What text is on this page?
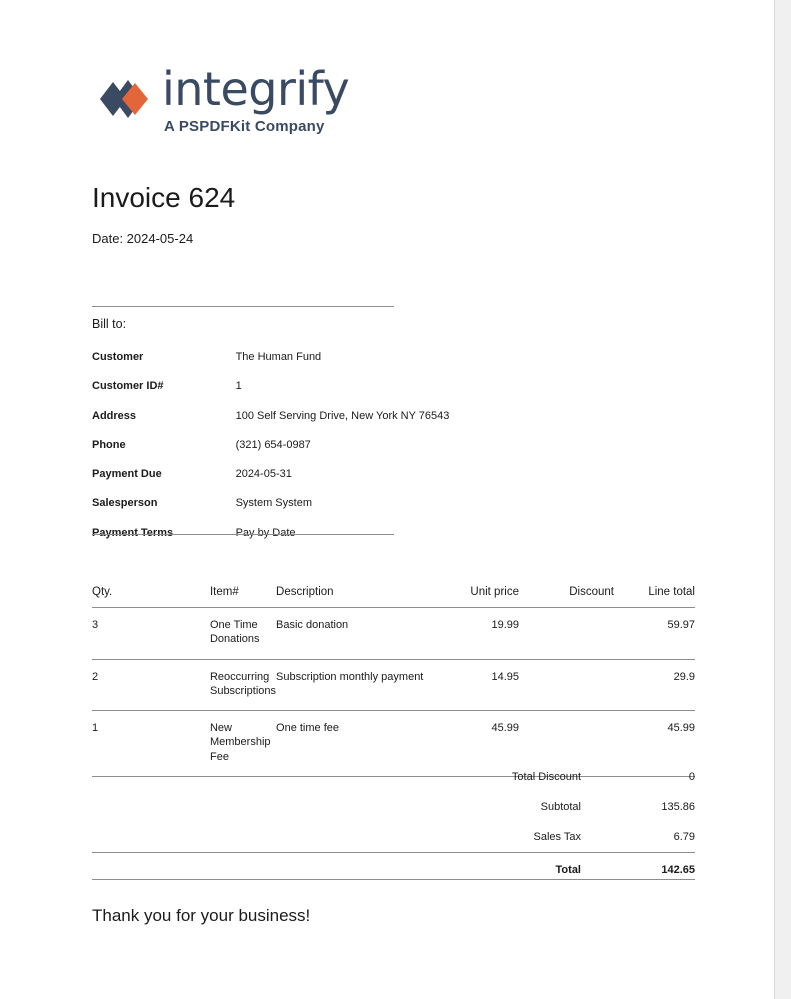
integrify
A PSPDFKit Company
Invoice 624
Date: 2024-05-24
Bill to:
Customer	The Human Fund
Customer ID#	1
Address	100 Self Serving Drive, New York NY 76543
Phone	(321) 654-0987
Payment Due	2024-05-31
Salesperson	System System
Payment Terms	Pay by Date
Qty.	Item#	Description	Unit price	Discount	Line total
3	One Time Donations	Basic donation	19.99		59.97
2	Reoccurring Subscriptions	Subscription monthly payment	14.95		29.9
1	New Membership Fee	One time fee	45.99		45.99
Total Discount	0
Subtotal	135.86
Sales Tax	6.79
Total	142.65
Thank you for your business!
